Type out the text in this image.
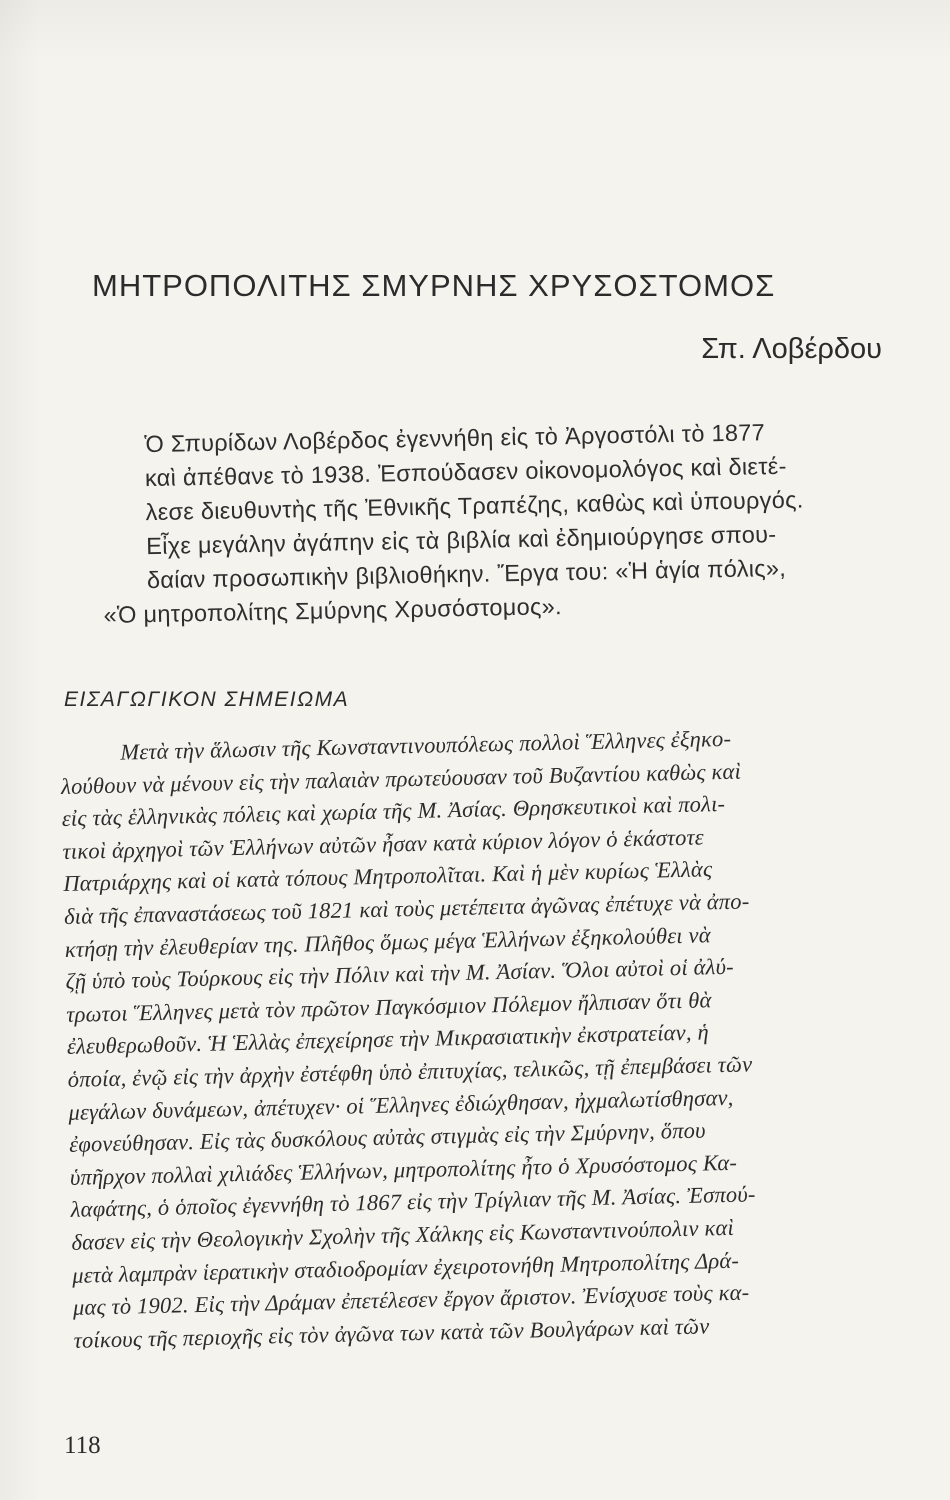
ΜΗΤΡΟΠΟΛΙΤΗΣ ΣΜΥΡΝΗΣ ΧΡΥΣΟΣΤΟΜΟΣ
Σπ. Λοβέρδου
Ὁ Σπυρίδων Λοβέρδος ἐγεννήθη εἰς τὸ Ἀργοστόλι τὸ 1877
καὶ ἀπέθανε τὸ 1938. Ἐσπούδασεν οἰκονομολόγος καὶ διετέ-
λεσε διευθυντὴς τῆς Ἐθνικῆς Τραπέζης, καθὼς καὶ ὑπουργός.
Εἶχε μεγάλην ἀγάπην εἰς τὰ βιβλία καὶ ἐδημιούργησε σπου-
δαίαν προσωπικὴν βιβλιοθήκην. Ἔργα του: «Ἡ ἁγία πόλις»,
«Ὁ μητροπολίτης Σμύρνης Χρυσόστομος».
ΕΙΣΑΓΩΓΙΚΟΝ ΣΗΜΕΙΩΜΑ
Μετὰ τὴν ἅλωσιν τῆς Κωνσταντινουπόλεως πολλοὶ Ἕλληνες ἐξηκο-
λούθουν νὰ μένουν εἰς τὴν παλαιὰν πρωτεύουσαν τοῦ Βυζαντίου καθὼς καὶ
εἰς τὰς ἑλληνικὰς πόλεις καὶ χωρία τῆς Μ. Ἀσίας. Θρησκευτικοὶ καὶ πολι-
τικοὶ ἀρχηγοὶ τῶν Ἑλλήνων αὐτῶν ἦσαν κατὰ κύριον λόγον ὁ ἑκάστοτε
Πατριάρχης καὶ οἱ κατὰ τόπους Μητροπολῖται. Καὶ ἡ μὲν κυρίως Ἑλλὰς
διὰ τῆς ἐπαναστάσεως τοῦ 1821 καὶ τοὺς μετέπειτα ἀγῶνας ἐπέτυχε νὰ ἀπο-
κτήσῃ τὴν ἐλευθερίαν της. Πλῆθος ὅμως μέγα Ἑλλήνων ἐξηκολούθει νὰ
ζῇ ὑπὸ τοὺς Τούρκους εἰς τὴν Πόλιν καὶ τὴν Μ. Ἀσίαν. Ὅλοι αὐτοὶ οἱ ἀλύ-
τρωτοι Ἕλληνες μετὰ τὸν πρῶτον Παγκόσμιον Πόλεμον ἤλπισαν ὅτι θὰ
ἐλευθερωθοῦν. Ἡ Ἑλλὰς ἐπεχείρησε τὴν Μικρασιατικὴν ἐκστρατείαν, ἡ
ὁποία, ἐνῷ εἰς τὴν ἀρχὴν ἐστέφθη ὑπὸ ἐπιτυχίας, τελικῶς, τῇ ἐπεμβάσει τῶν
μεγάλων δυνάμεων, ἀπέτυχεν· οἱ Ἕλληνες ἐδιώχθησαν, ἠχμαλωτίσθησαν,
ἐφονεύθησαν. Εἰς τὰς δυσκόλους αὐτὰς στιγμὰς εἰς τὴν Σμύρνην, ὅπου
ὑπῆρχον πολλαὶ χιλιάδες Ἑλλήνων, μητροπολίτης ἦτο ὁ Χρυσόστομος Κα-
λαφάτης, ὁ ὁποῖος ἐγεννήθη τὸ 1867 εἰς τὴν Τρίγλιαν τῆς Μ. Ἀσίας. Ἐσπού-
δασεν εἰς τὴν Θεολογικὴν Σχολὴν τῆς Χάλκης εἰς Κωνσταντινούπολιν καὶ
μετὰ λαμπρὰν ἱερατικὴν σταδιοδρομίαν ἐχειροτονήθη Μητροπολίτης Δρά-
μας τὸ 1902. Εἰς τὴν Δράμαν ἐπετέλεσεν ἔργον ἄριστον. Ἐνίσχυσε τοὺς κα-
τοίκους τῆς περιοχῆς εἰς τὸν ἀγῶνα των κατὰ τῶν Βουλγάρων καὶ τῶν
118
